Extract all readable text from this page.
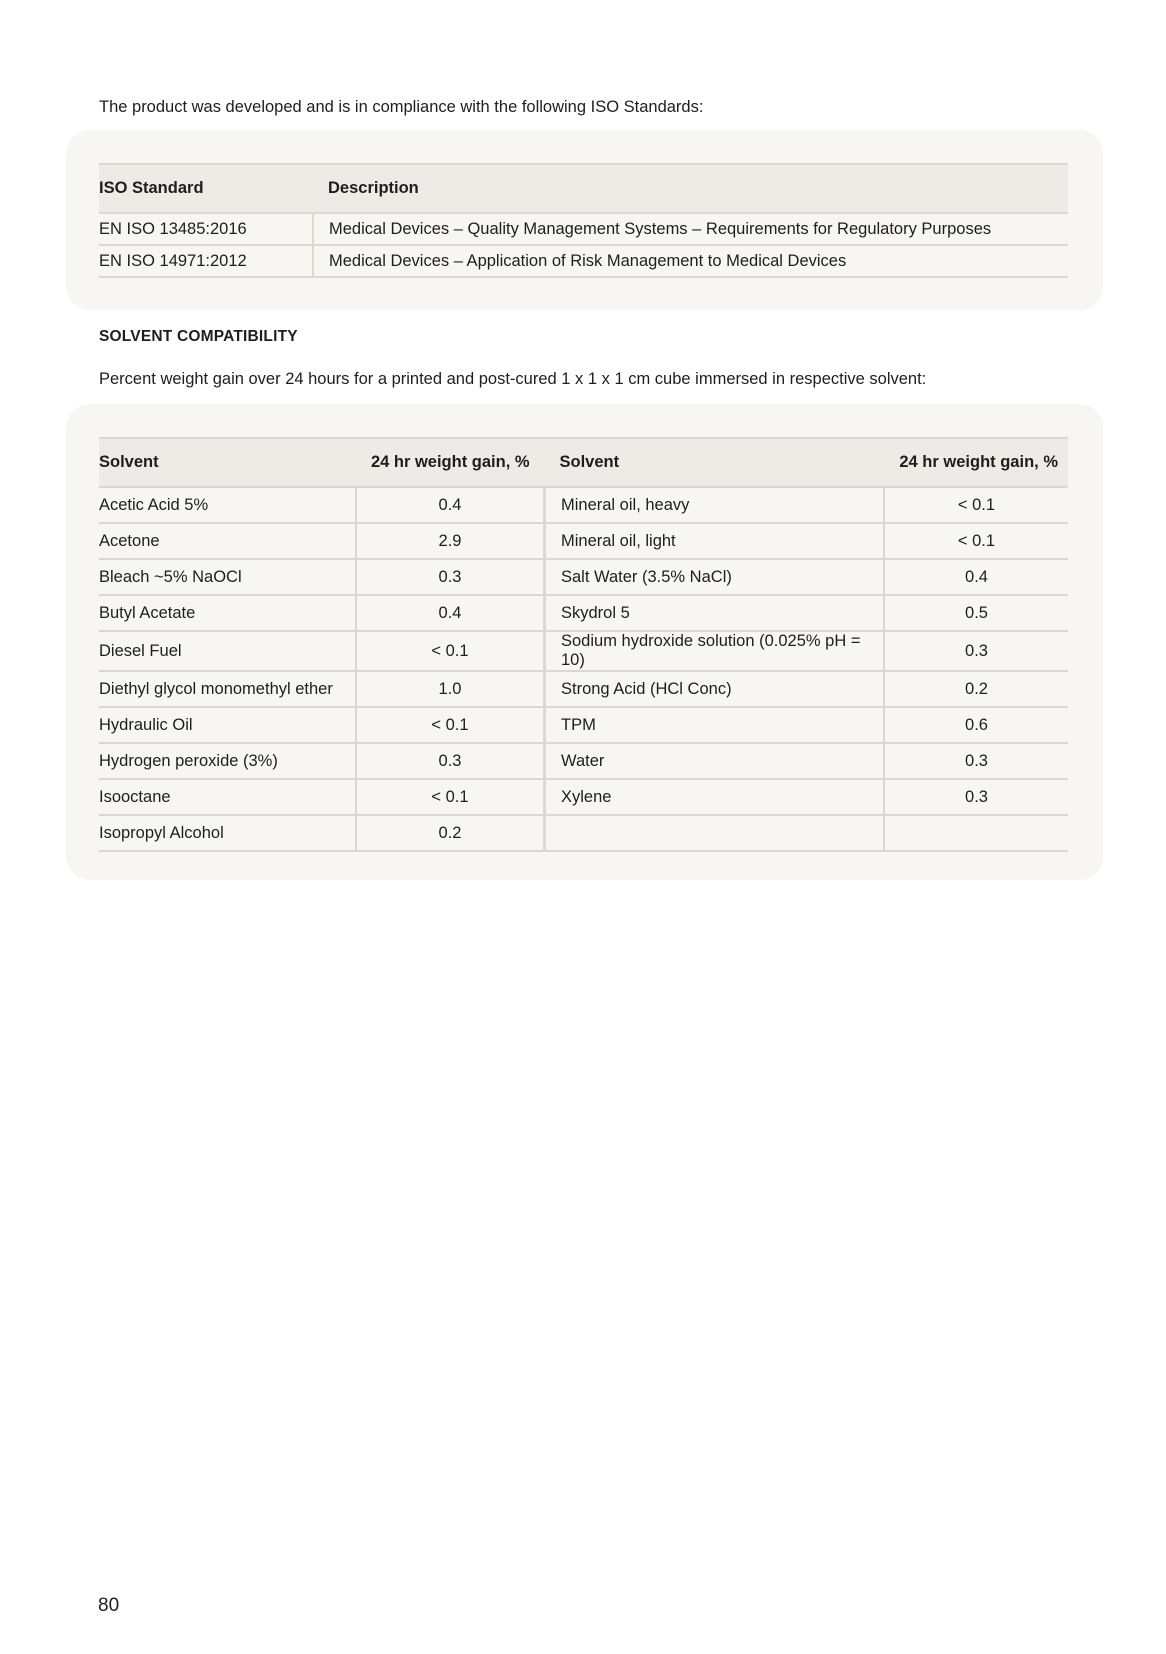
The product was developed and is in compliance with the following ISO Standards:
ISO Standard	Description
EN ISO 13485:2016	Medical Devices – Quality Management Systems – Requirements for Regulatory Purposes
EN ISO 14971:2012	Medical Devices – Application of Risk Management to Medical Devices
SOLVENT COMPATIBILITY
Percent weight gain over 24 hours for a printed and post-cured 1 x 1 x 1 cm cube immersed in respective solvent:
Solvent	24 hr weight gain, %	Solvent	24 hr weight gain, %
Acetic Acid 5%	0.4	Mineral oil, heavy	< 0.1
Acetone	2.9	Mineral oil, light	< 0.1
Bleach ~5% NaOCl	0.3	Salt Water (3.5% NaCl)	0.4
Butyl Acetate	0.4	Skydrol 5	0.5
Diesel Fuel	< 0.1	Sodium hydroxide solution (0.025% pH = 10)	0.3
Diethyl glycol monomethyl ether	1.0	Strong Acid (HCl Conc)	0.2
Hydraulic Oil	< 0.1	TPM	0.6
Hydrogen peroxide (3%)	0.3	Water	0.3
Isooctane	< 0.1	Xylene	0.3
Isopropyl Alcohol	0.2		
80
